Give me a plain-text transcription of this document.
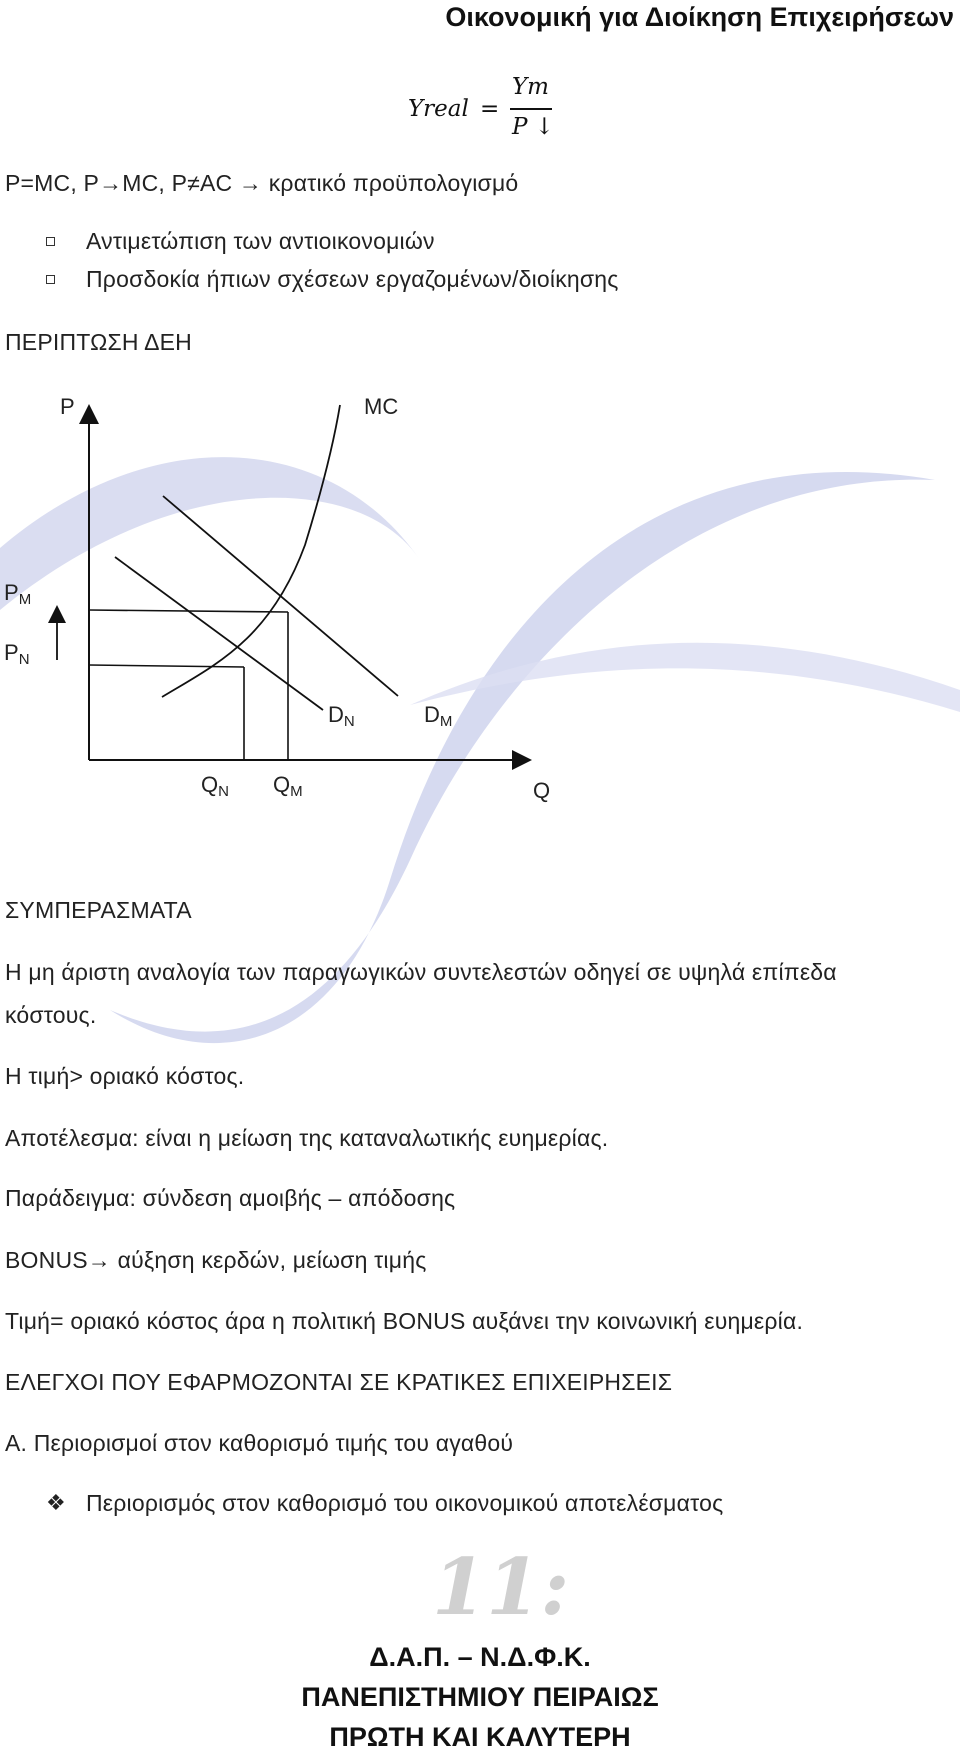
Οικονομική για Διοίκηση Επιχειρήσεων
Yreal =
Ym
P ↓
P=MC, P→MC, P≠AC → κρατικό προϋπολογισμό
Αντιμετώπιση των αντιοικονομιών
Προσδοκία ήπιων σχέσεων εργαζομένων/διοίκησης
ΠΕΡΙΠΤΩΣΗ ΔΕΗ
P	MC
$P_M$
$P_N$
$D_N$	$D_M$
$Q_N$ $Q_M$	Q
ΣΥΜΠΕΡΑΣΜΑΤΑ
Η μη άριστη αναλογία των παραγωγικών συντελεστών οδηγεί σε υψηλά επίπεδα
κόστους.
Η τιμή> οριακό κόστος.
Αποτέλεσμα: είναι η μείωση της καταναλωτικής ευημερίας.
Παράδειγμα: σύνδεση αμοιβής – απόδοσης
BONUS→ αύξηση κερδών, μείωση τιμής
Τιμή= οριακό κόστος άρα η πολιτική BONUS αυξάνει την κοινωνική ευημερία.
ΕΛΕΓΧΟΙ ΠΟΥ ΕΦΑΡΜΟΖΟΝΤΑΙ ΣΕ ΚΡΑΤΙΚΕΣ ΕΠΙΧΕΙΡΗΣΕΙΣ
Α. Περιορισμοί στον καθορισμό τιμής του αγαθού
❖ Περιορισμός στον καθορισμό του οικονομικού αποτελέσματος
11:
Δ.Α.Π. – Ν.Δ.Φ.Κ.
ΠΑΝΕΠΙΣΤΗΜΙΟΥ ΠΕΙΡΑΙΩΣ
ΠΡΩΤΗ ΚΑΙ ΚΑΛΥΤΕΡΗ
